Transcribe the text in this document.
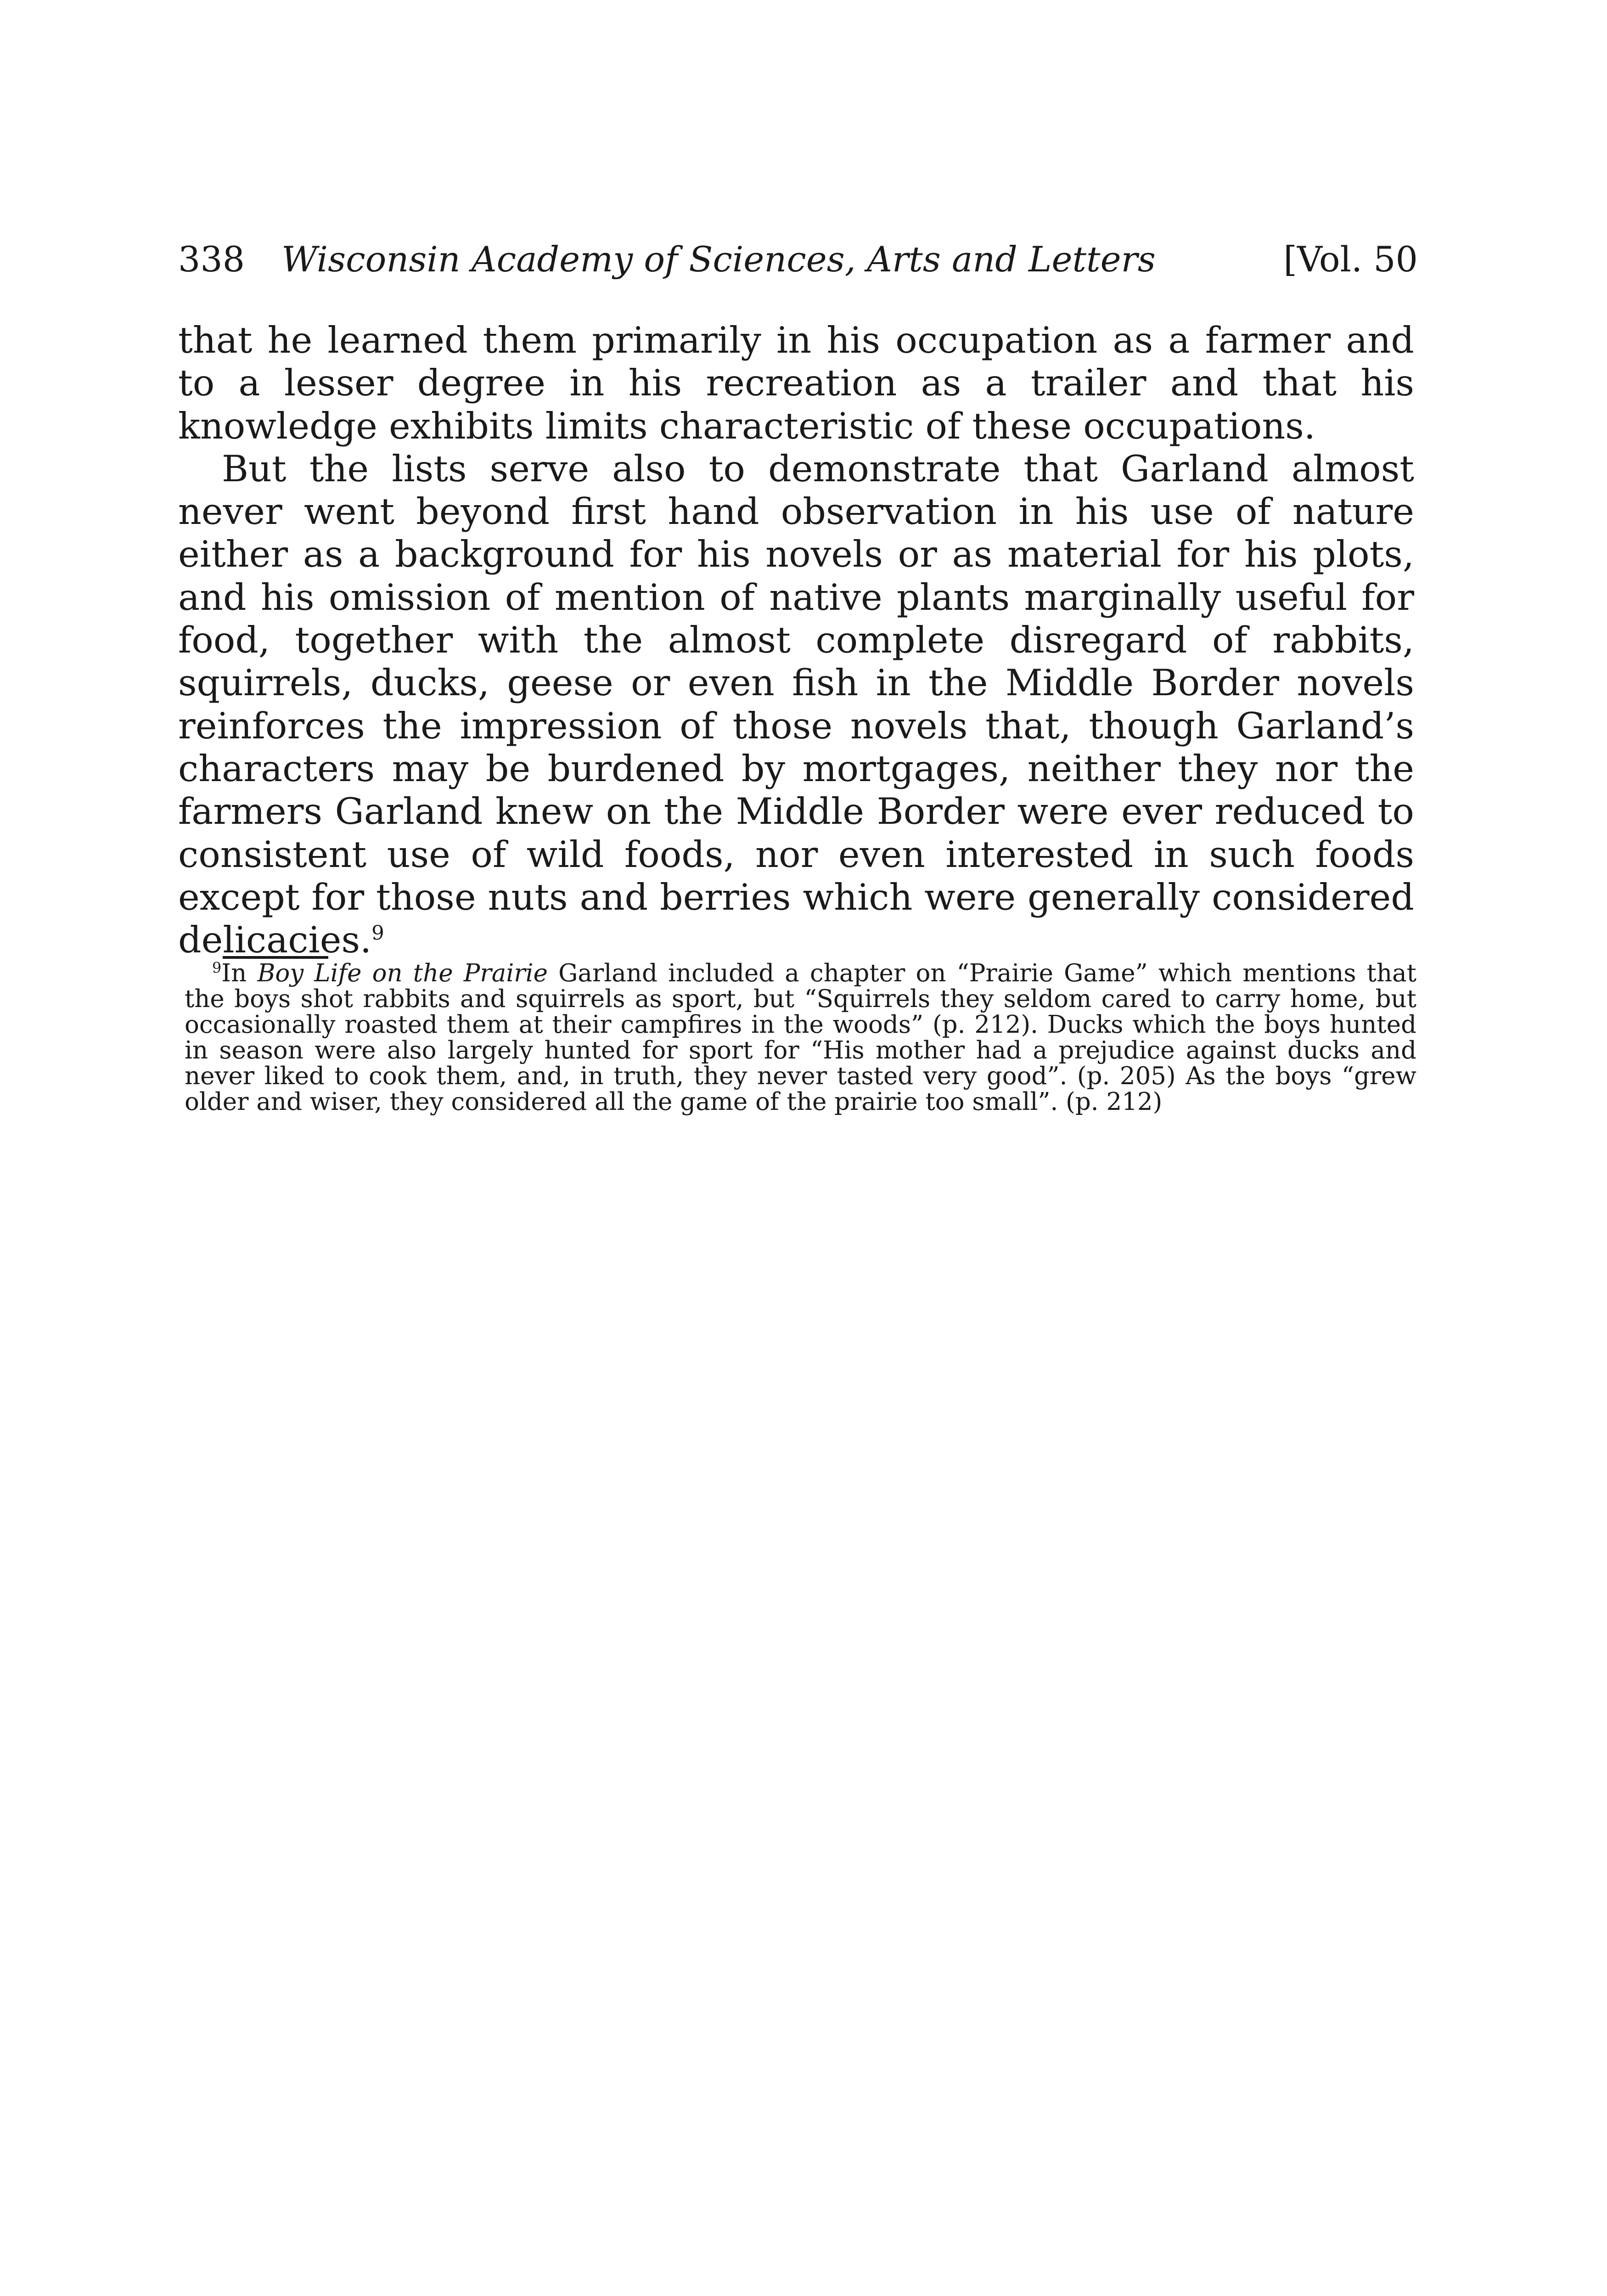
338 Wisconsin Academy of Sciences, Arts and Letters	[Vol. 50

that he learned them primarily in his occupation as a farmer and to a lesser degree in his recreation as a trailer and that his knowledge exhibits limits characteristic of these occupations.

But the lists serve also to demonstrate that Garland almost never went beyond first hand observation in his use of nature either as a background for his novels or as material for his plots, and his omission of mention of native plants marginally useful for food, together with the almost complete disregard of rabbits, squirrels, ducks, geese or even fish in the Middle Border novels reinforces the impression of those novels that, though Garland’s characters may be burdened by mortgages, neither they nor the farmers Garland knew on the Middle Border were ever reduced to consistent use of wild foods, nor even interested in such foods except for those nuts and berries which were generally considered delicacies.$^9$

$^9$In Boy Life on the Prairie Garland included a chapter on “Prairie Game” which mentions that the boys shot rabbits and squirrels as sport, but “Squirrels they seldom cared to carry home, but occasionally roasted them at their campfires in the woods” (p. 212). Ducks which the boys hunted in season were also largely hunted for sport for “His mother had a prejudice against ducks and never liked to cook them, and, in truth, they never tasted very good”. (p. 205) As the boys “grew older and wiser, they considered all the game of the prairie too small”. (p. 212)
